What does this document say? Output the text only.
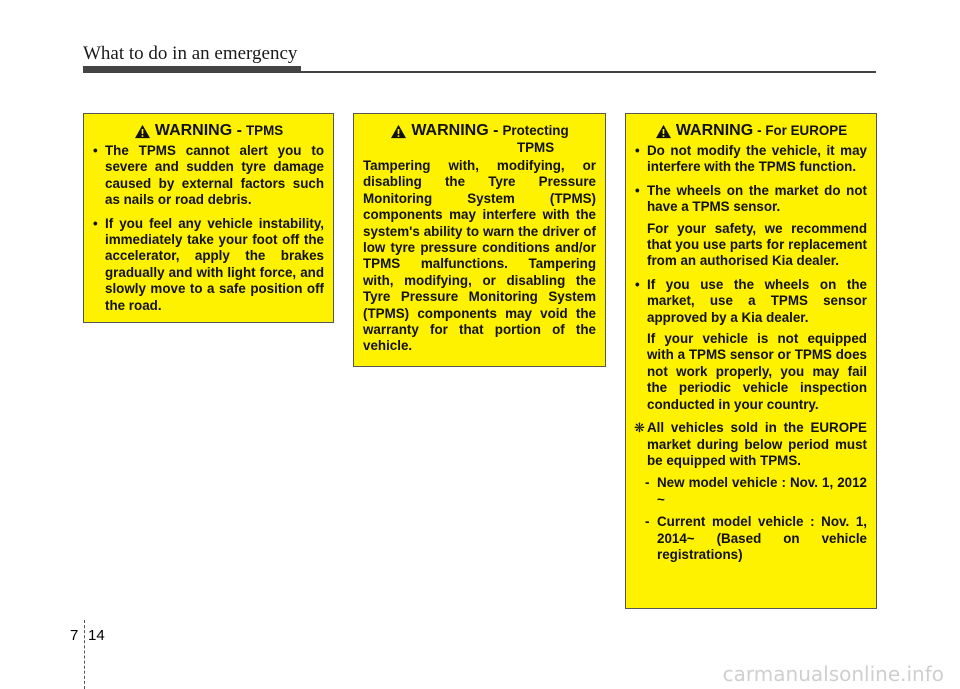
What to do in an emergency
WARNING - TPMS
• The TPMS cannot alert you to severe and sudden tyre damage caused by external factors such as nails or road debris.
• If you feel any vehicle instability, immediately take your foot off the accelerator, apply the brakes gradually and with light force, and slowly move to a safe position off the road.
WARNING - Protecting
TPMS
Tampering with, modifying, or disabling the Tyre Pressure Monitoring System (TPMS) components may interfere with the system's ability to warn the driver of low tyre pressure conditions and/or TPMS malfunctions. Tampering with, modifying, or disabling the Tyre Pressure Monitoring System (TPMS) components may void the warranty for that portion of the vehicle.
WARNING - For EUROPE
• Do not modify the vehicle, it may interfere with the TPMS function.
• The wheels on the market do not have a TPMS sensor.
For your safety, we recommend that you use parts for replacement from an authorised Kia dealer.
• If you use the wheels on the market, use a TPMS sensor approved by a Kia dealer.
If your vehicle is not equipped with a TPMS sensor or TPMS does not work properly, you may fail the periodic vehicle inspection conducted in your country.
❋ All vehicles sold in the EUROPE market during below period must be equipped with TPMS.
- New model vehicle : Nov. 1, 2012 ~
- Current model vehicle : Nov. 1, 2014~ (Based on vehicle registrations)
7 14
carmanualsonline.info
